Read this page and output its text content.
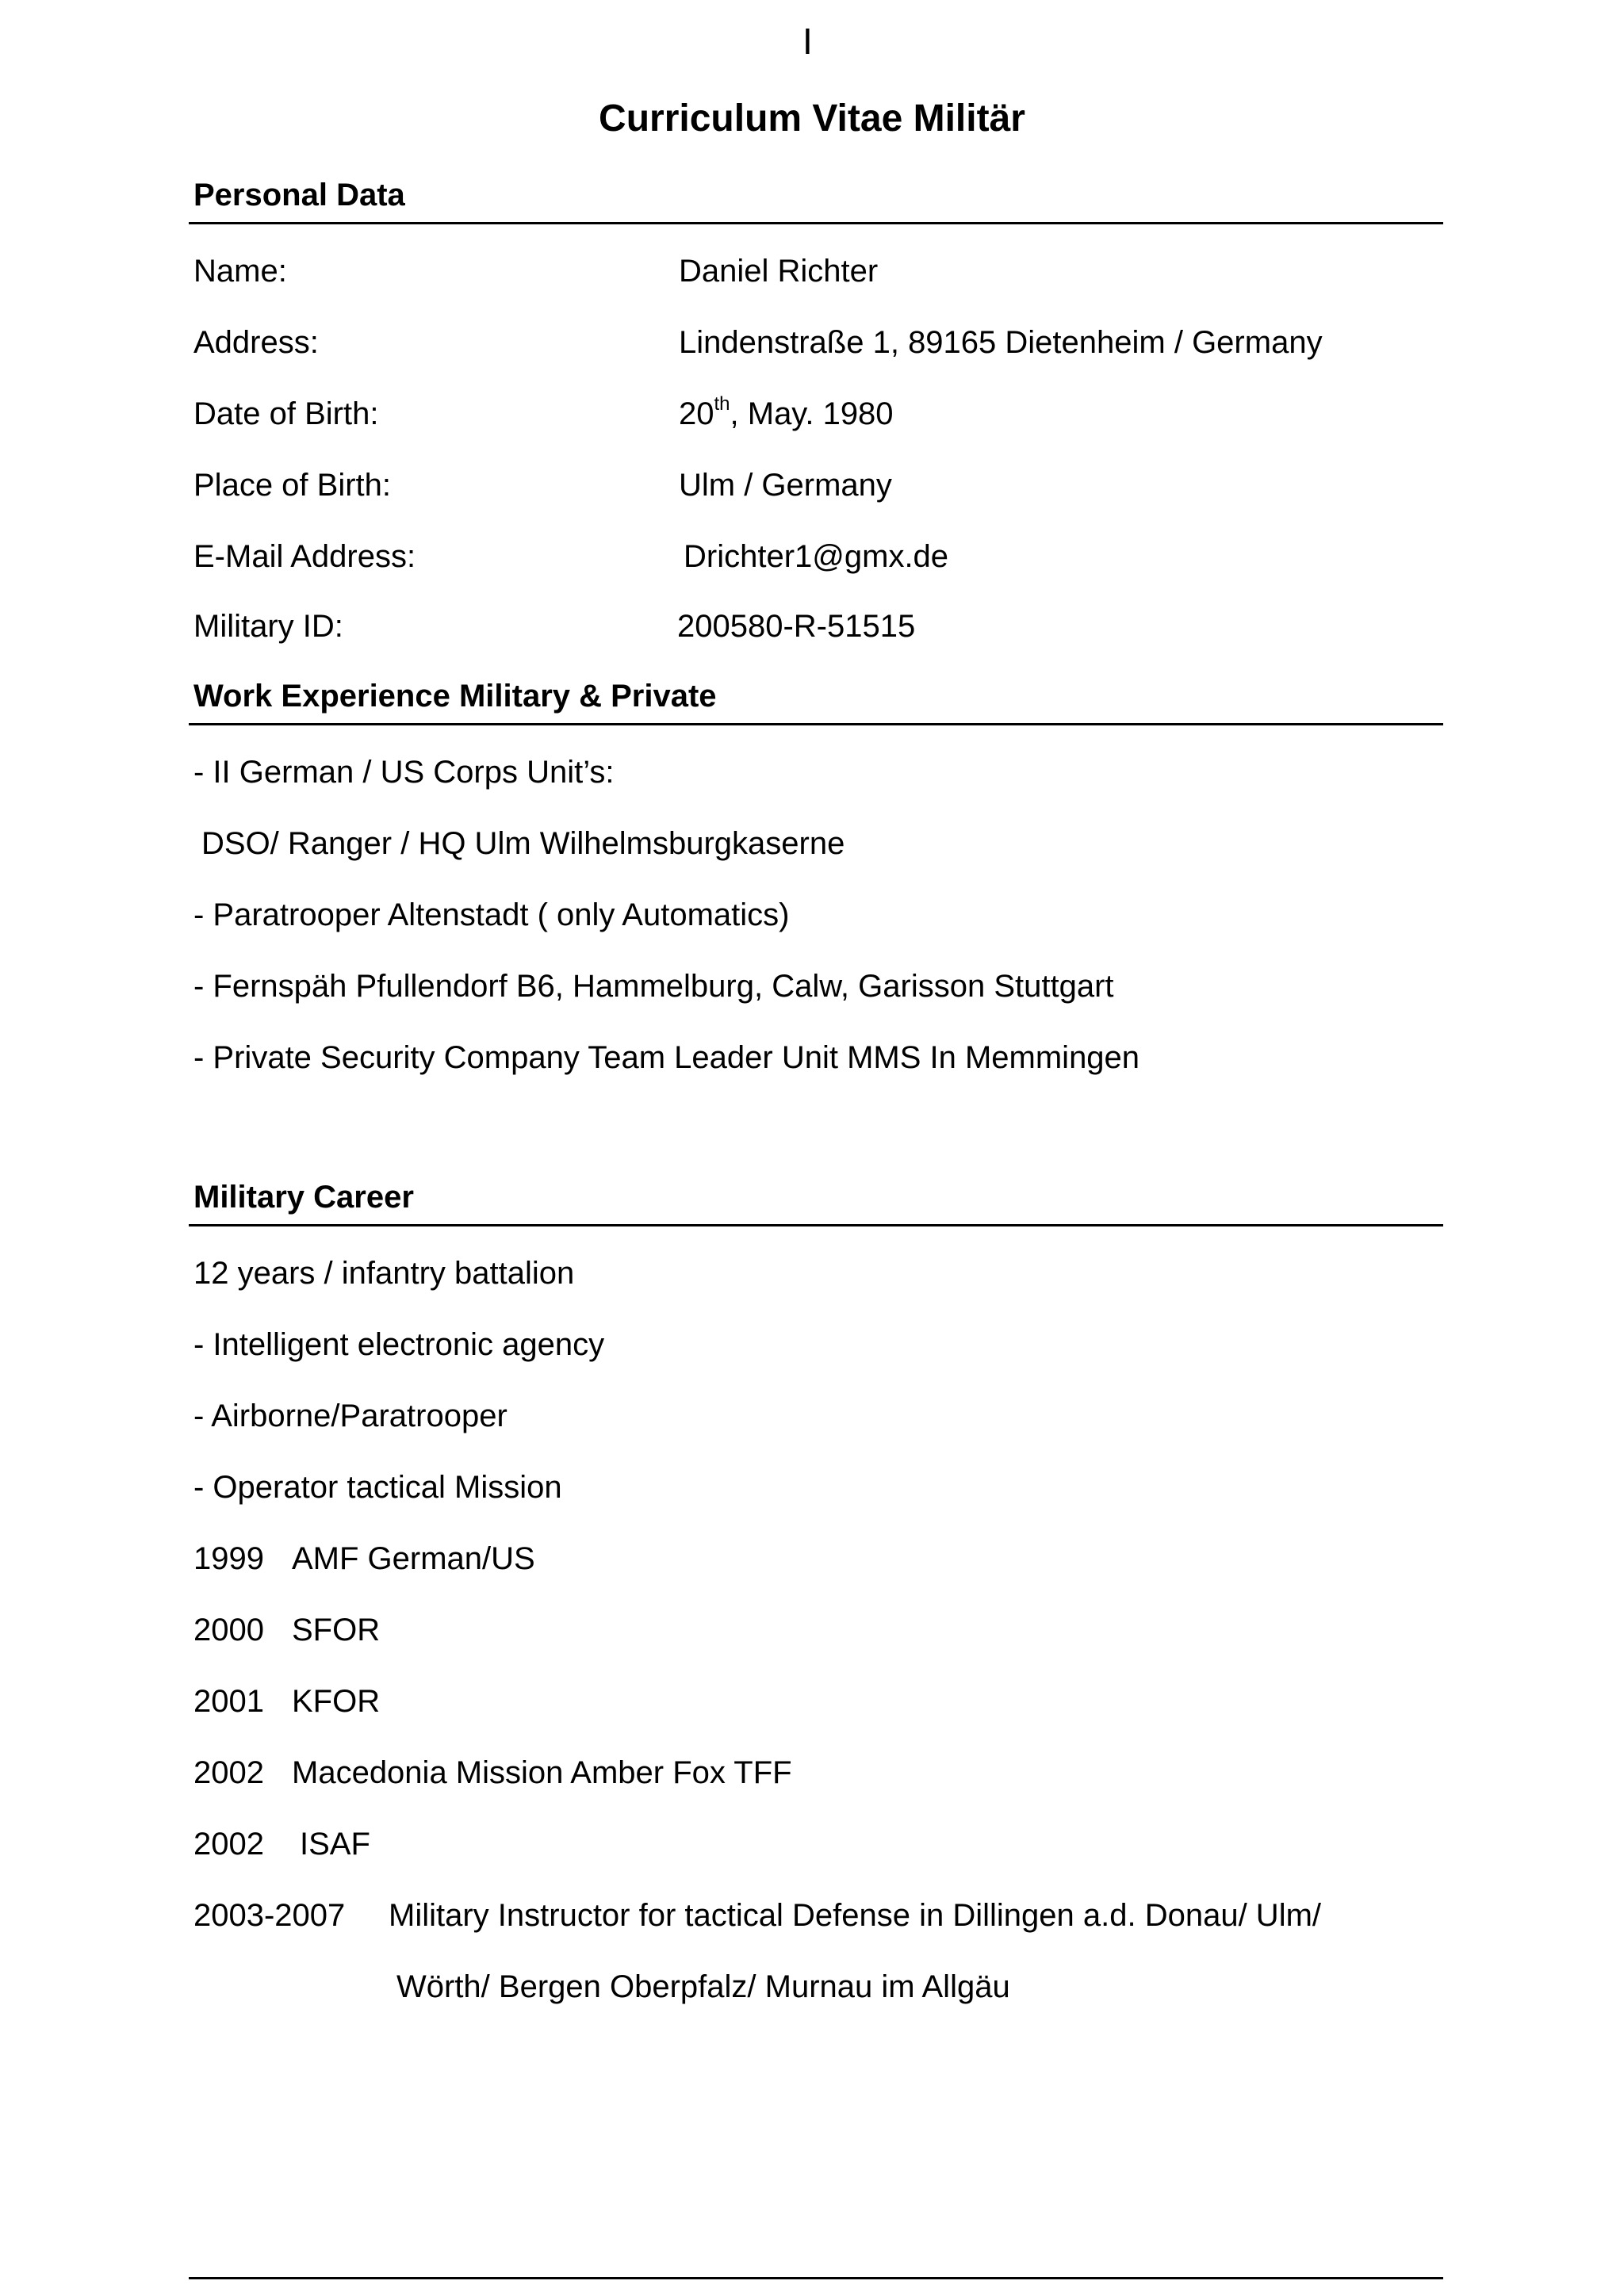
I
Curriculum Vitae Militär
Personal Data
Name:	Daniel Richter
Address:	Lindenstraße 1, 89165 Dietenheim / Germany
Date of Birth:	20th, May. 1980
Place of Birth:	Ulm / Germany
E-Mail Address:	Drichter1@gmx.de
Military ID:	200580-R-51515
Work Experience Military & Private
- II German / US Corps Unit’s:
DSO/ Ranger / HQ Ulm Wilhelmsburgkaserne
- Paratrooper Altenstadt ( only Automatics)
- Fernspäh Pfullendorf B6, Hammelburg, Calw, Garisson Stuttgart
- Private Security Company Team Leader Unit MMS In Memmingen
Military Career
12 years / infantry battalion
- Intelligent electronic agency
- Airborne/Paratrooper
- Operator tactical Mission
1999 AMF German/US
2000 SFOR
2001 KFOR
2002 Macedonia Mission Amber Fox TFF
2002 ISAF
2003-2007 Military Instructor for tactical Defense in Dillingen a.d. Donau/ Ulm/
Wörth/ Bergen Oberpfalz/ Murnau im Allgäu
